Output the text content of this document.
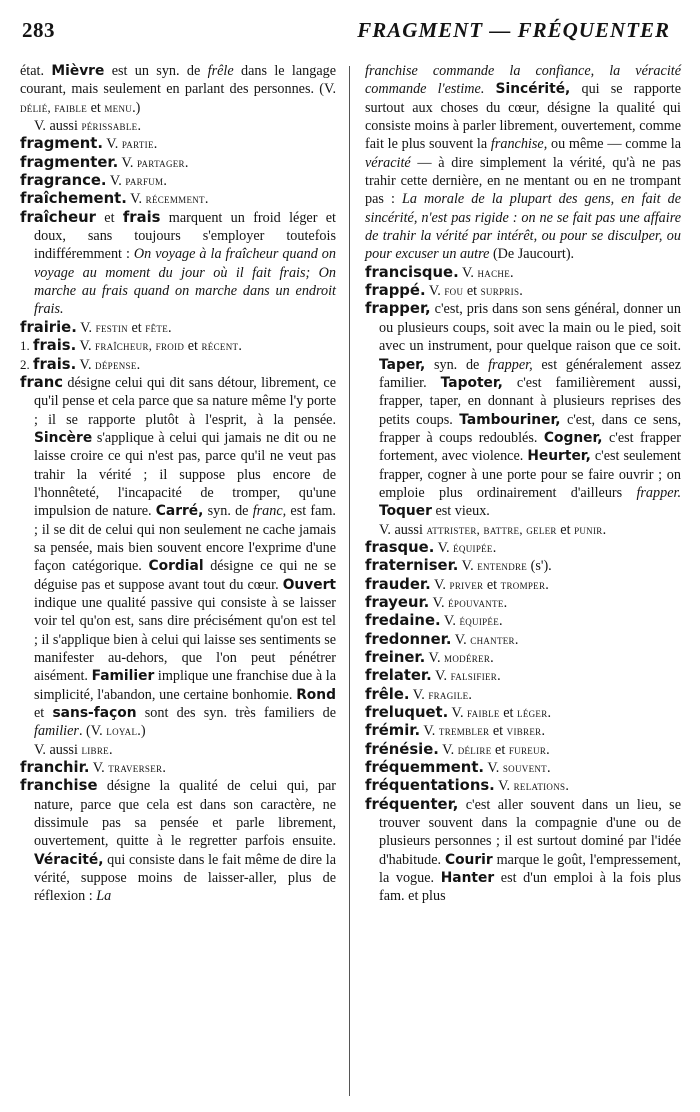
283	FRAGMENT — FRÉQUENTER

état. Mièvre est un syn. de frêle dans le langage courant, mais seulement en parlant des personnes. (V. délié, faible et menu.)

V. aussi périssable.

fragment. V. partie.

fragmenter. V. partager.

fragrance. V. parfum.

fraîchement. V. récemment.

fraîcheur et frais marquent un froid léger et doux, sans toujours s'employer toutefois indifféremment : On voyage à la fraîcheur quand on voyage au moment du jour où il fait frais; On marche au frais quand on marche dans un endroit frais.

frairie. V. festin et fête.

1. frais. V. fraîcheur, froid et récent.

2. frais. V. dépense.

franc désigne celui qui dit sans détour, librement, ce qu'il pense et cela parce que sa nature même l'y porte ; il se rapporte plutôt à l'esprit, à la pensée. Sincère s'applique à celui qui jamais ne dit ou ne laisse croire ce qui n'est pas, parce qu'il ne veut pas trahir la vérité ; il suppose plus encore de l'honnêteté, l'incapacité de tromper, qu'une impulsion de nature. Carré, syn. de franc, est fam. ; il se dit de celui qui non seulement ne cache jamais sa pensée, mais bien souvent encore l'exprime d'une façon catégorique. Cordial désigne ce qui ne se déguise pas et suppose avant tout du cœur. Ouvert indique une qualité passive qui consiste à se laisser voir tel qu'on est, sans dire précisément qu'on est tel ; il s'applique bien à celui qui laisse ses sentiments se manifester au-dehors, que l'on peut pénétrer aisément. Familier implique une franchise due à la simplicité, l'abandon, une certaine bonhomie. Rond et sans-façon sont des syn. très familiers de familier. (V. loyal.)

V. aussi libre.

franchir. V. traverser.

franchise désigne la qualité de celui qui, par nature, parce que cela est dans son caractère, ne dissimule pas sa pensée et parle librement, ouvertement, quitte à le regretter parfois ensuite. Véracité, qui consiste dans le fait même de dire la vérité, suppose moins de laisser-aller, plus de réflexion : La

franchise commande la confiance, la véracité commande l'estime. Sincérité, qui se rapporte surtout aux choses du cœur, désigne la qualité qui consiste moins à parler librement, ouvertement, comme fait le plus souvent la franchise, ou même — comme la véracité — à dire simplement la vérité, qu'à ne pas trahir cette dernière, en ne mentant ou en ne trompant pas : La morale de la plupart des gens, en fait de sincérité, n'est pas rigide : on ne se fait pas une affaire de trahir la vérité par intérêt, ou pour se disculper, ou pour excuser un autre (De Jaucourt).

francisque. V. hache.

frappé. V. fou et surpris.

frapper, c'est, pris dans son sens général, donner un ou plusieurs coups, soit avec la main ou le pied, soit avec un instrument, pour quelque raison que ce soit. Taper, syn. de frapper, est généralement assez familier. Tapoter, c'est familièrement aussi, frapper, taper, en donnant à plusieurs reprises des petits coups. Tambouriner, c'est, dans ce sens, frapper à coups redoublés. Cogner, c'est frapper fortement, avec violence. Heurter, c'est seulement frapper, cogner à une porte pour se faire ouvrir ; on emploie plus ordinairement d'ailleurs frapper. Toquer est vieux.

V. aussi attrister, battre, geler et punir.

frasque. V. équipée.

fraterniser. V. entendre (s').

frauder. V. priver et tromper.

frayeur. V. épouvante.

fredaine. V. équipée.

fredonner. V. chanter.

freiner. V. modérer.

frelater. V. falsifier.

frêle. V. fragile.

freluquet. V. faible et léger.

frémir. V. trembler et vibrer.

frénésie. V. délire et fureur.

fréquemment. V. souvent.

fréquentations. V. relations.

fréquenter, c'est aller souvent dans un lieu, se trouver souvent dans la compagnie d'une ou de plusieurs personnes ; il est surtout dominé par l'idée d'habitude. Courir marque le goût, l'empressement, la vogue. Hanter est d'un emploi à la fois plus fam. et plus
